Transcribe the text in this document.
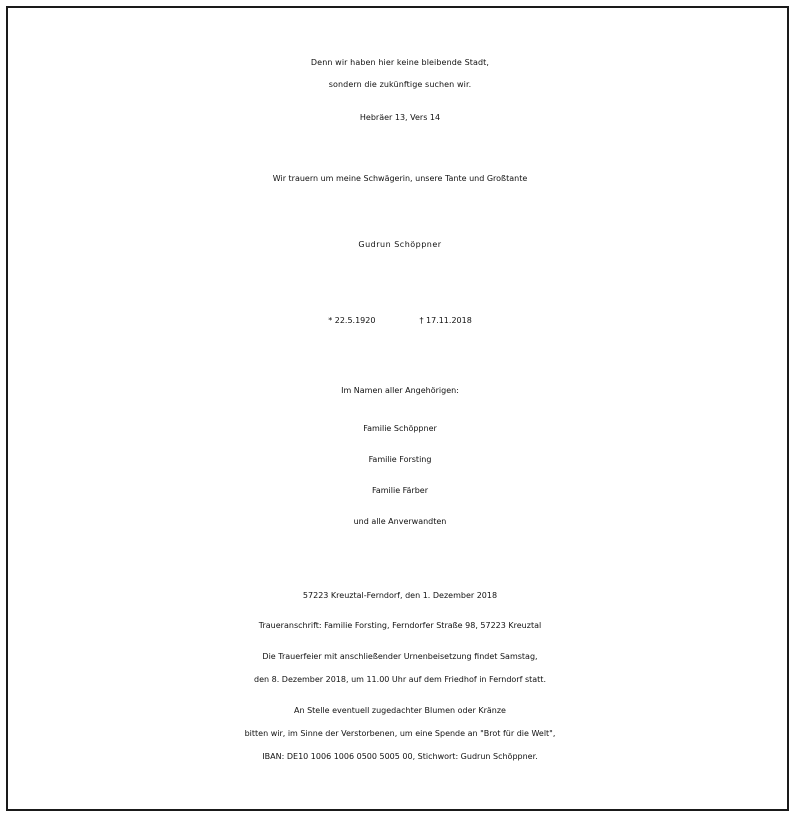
Denn wir haben hier keine bleibende Stadt,

sondern die zukünftige suchen wir.

Hebräer 13, Vers 14

Wir trauern um meine Schwägerin, unsere Tante und Großtante

Gudrun Schöppner

* 22.5.1920	† 17.11.2018

Im Namen aller Angehörigen:

Familie Schöppner

Familie Forsting

Familie Färber

und alle Anverwandten

57223 Kreuztal-Ferndorf, den 1. Dezember 2018

Traueranschrift: Familie Forsting, Ferndorfer Straße 98, 57223 Kreuztal

Die Trauerfeier mit anschließender Urnenbeisetzung findet Samstag,

den 8. Dezember 2018, um 11.00 Uhr auf dem Friedhof in Ferndorf statt.

An Stelle eventuell zugedachter Blumen oder Kränze

bitten wir, im Sinne der Verstorbenen, um eine Spende an "Brot für die Welt",

IBAN: DE10 1006 1006 0500 5005 00, Stichwort: Gudrun Schöppner.
